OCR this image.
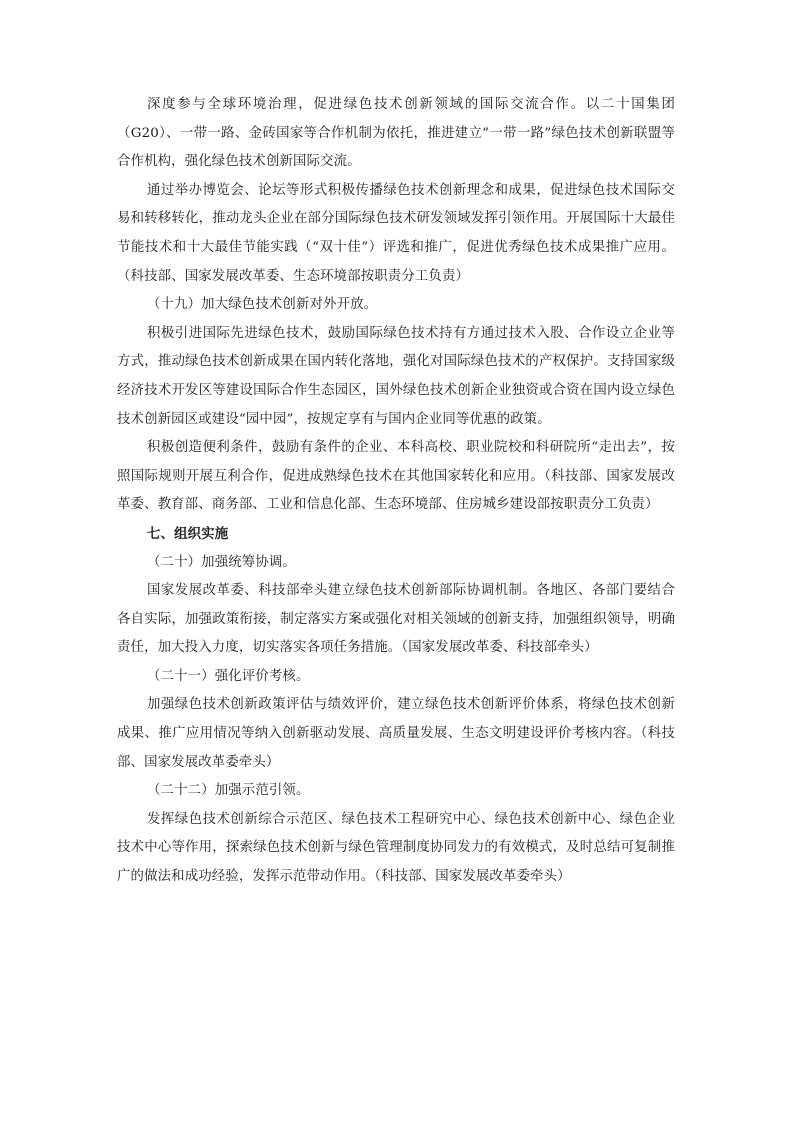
深度参与全球环境治理，促进绿色技术创新领域的国际交流合作。以二十国集团（G20）、一带一路、金砖国家等合作机制为依托，推进建立“一带一路”绿色技术创新联盟等合作机构，强化绿色技术创新国际交流。

通过举办博览会、论坛等形式积极传播绿色技术创新理念和成果，促进绿色技术国际交易和转移转化，推动龙头企业在部分国际绿色技术研发领域发挥引领作用。开展国际十大最佳节能技术和十大最佳节能实践（“双十佳”）评选和推广，促进优秀绿色技术成果推广应用。（科技部、国家发展改革委、生态环境部按职责分工负责）

（十九）加大绿色技术创新对外开放。

积极引进国际先进绿色技术，鼓励国际绿色技术持有方通过技术入股、合作设立企业等方式，推动绿色技术创新成果在国内转化落地，强化对国际绿色技术的产权保护。支持国家级经济技术开发区等建设国际合作生态园区，国外绿色技术创新企业独资或合资在国内设立绿色技术创新园区或建设“园中园”，按规定享有与国内企业同等优惠的政策。

积极创造便利条件，鼓励有条件的企业、本科高校、职业院校和科研院所“走出去”，按照国际规则开展互利合作，促进成熟绿色技术在其他国家转化和应用。（科技部、国家发展改革委、教育部、商务部、工业和信息化部、生态环境部、住房城乡建设部按职责分工负责）

七、组织实施

（二十）加强统筹协调。

国家发展改革委、科技部牵头建立绿色技术创新部际协调机制。各地区、各部门要结合各自实际，加强政策衔接，制定落实方案或强化对相关领域的创新支持，加强组织领导，明确责任，加大投入力度，切实落实各项任务措施。（国家发展改革委、科技部牵头）

（二十一）强化评价考核。

加强绿色技术创新政策评估与绩效评价，建立绿色技术创新评价体系，将绿色技术创新成果、推广应用情况等纳入创新驱动发展、高质量发展、生态文明建设评价考核内容。（科技部、国家发展改革委牵头）

（二十二）加强示范引领。

发挥绿色技术创新综合示范区、绿色技术工程研究中心、绿色技术创新中心、绿色企业技术中心等作用，探索绿色技术创新与绿色管理制度协同发力的有效模式，及时总结可复制推广的做法和成功经验，发挥示范带动作用。（科技部、国家发展改革委牵头）
